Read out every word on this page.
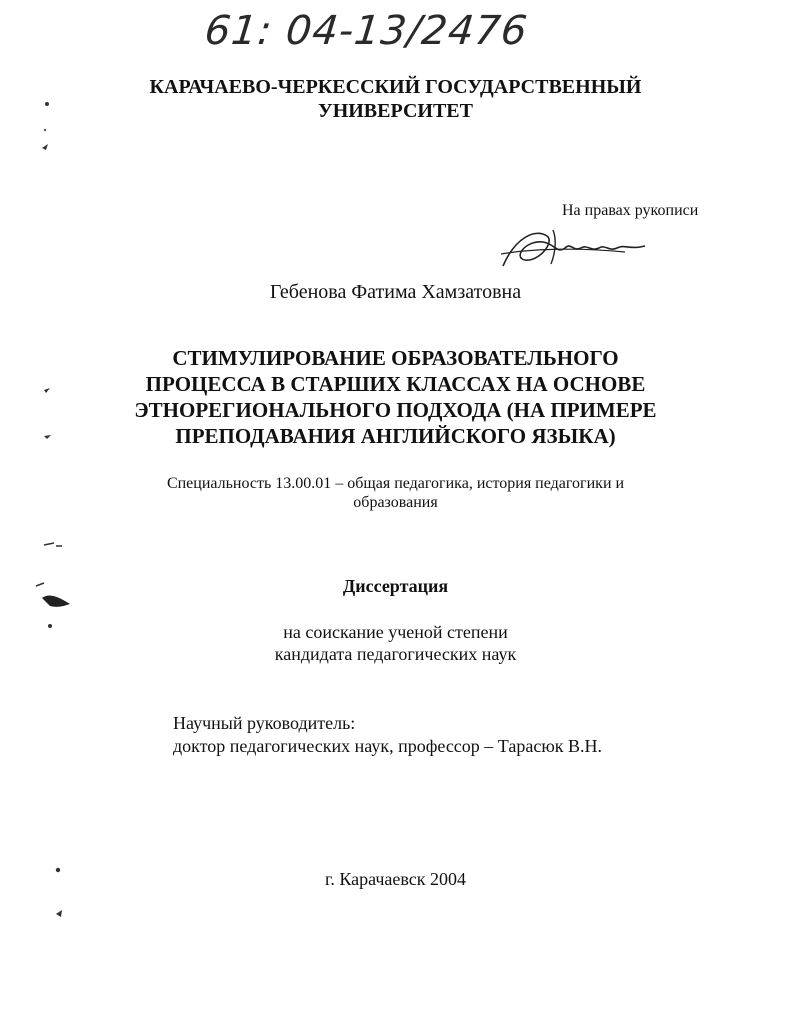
61: 04-13/2476
КАРАЧАЕВО-ЧЕРКЕССКИЙ ГОСУДАРСТВЕННЫЙ
УНИВЕРСИТЕТ
На правах рукописи
Гебенова Фатима Хамзатовна
СТИМУЛИРОВАНИЕ ОБРАЗОВАТЕЛЬНОГО
ПРОЦЕССА В СТАРШИХ КЛАССАХ НА ОСНОВЕ
ЭТНОРЕГИОНАЛЬНОГО ПОДХОДА (НА ПРИМЕРЕ
ПРЕПОДАВАНИЯ АНГЛИЙСКОГО ЯЗЫКА)
Специальность 13.00.01 – общая педагогика, история педагогики и
образования
Диссертация
на соискание ученой степени
кандидата педагогических наук
Научный руководитель:
доктор педагогических наук, профессор – Тарасюк В.Н.
г. Карачаевск 2004
